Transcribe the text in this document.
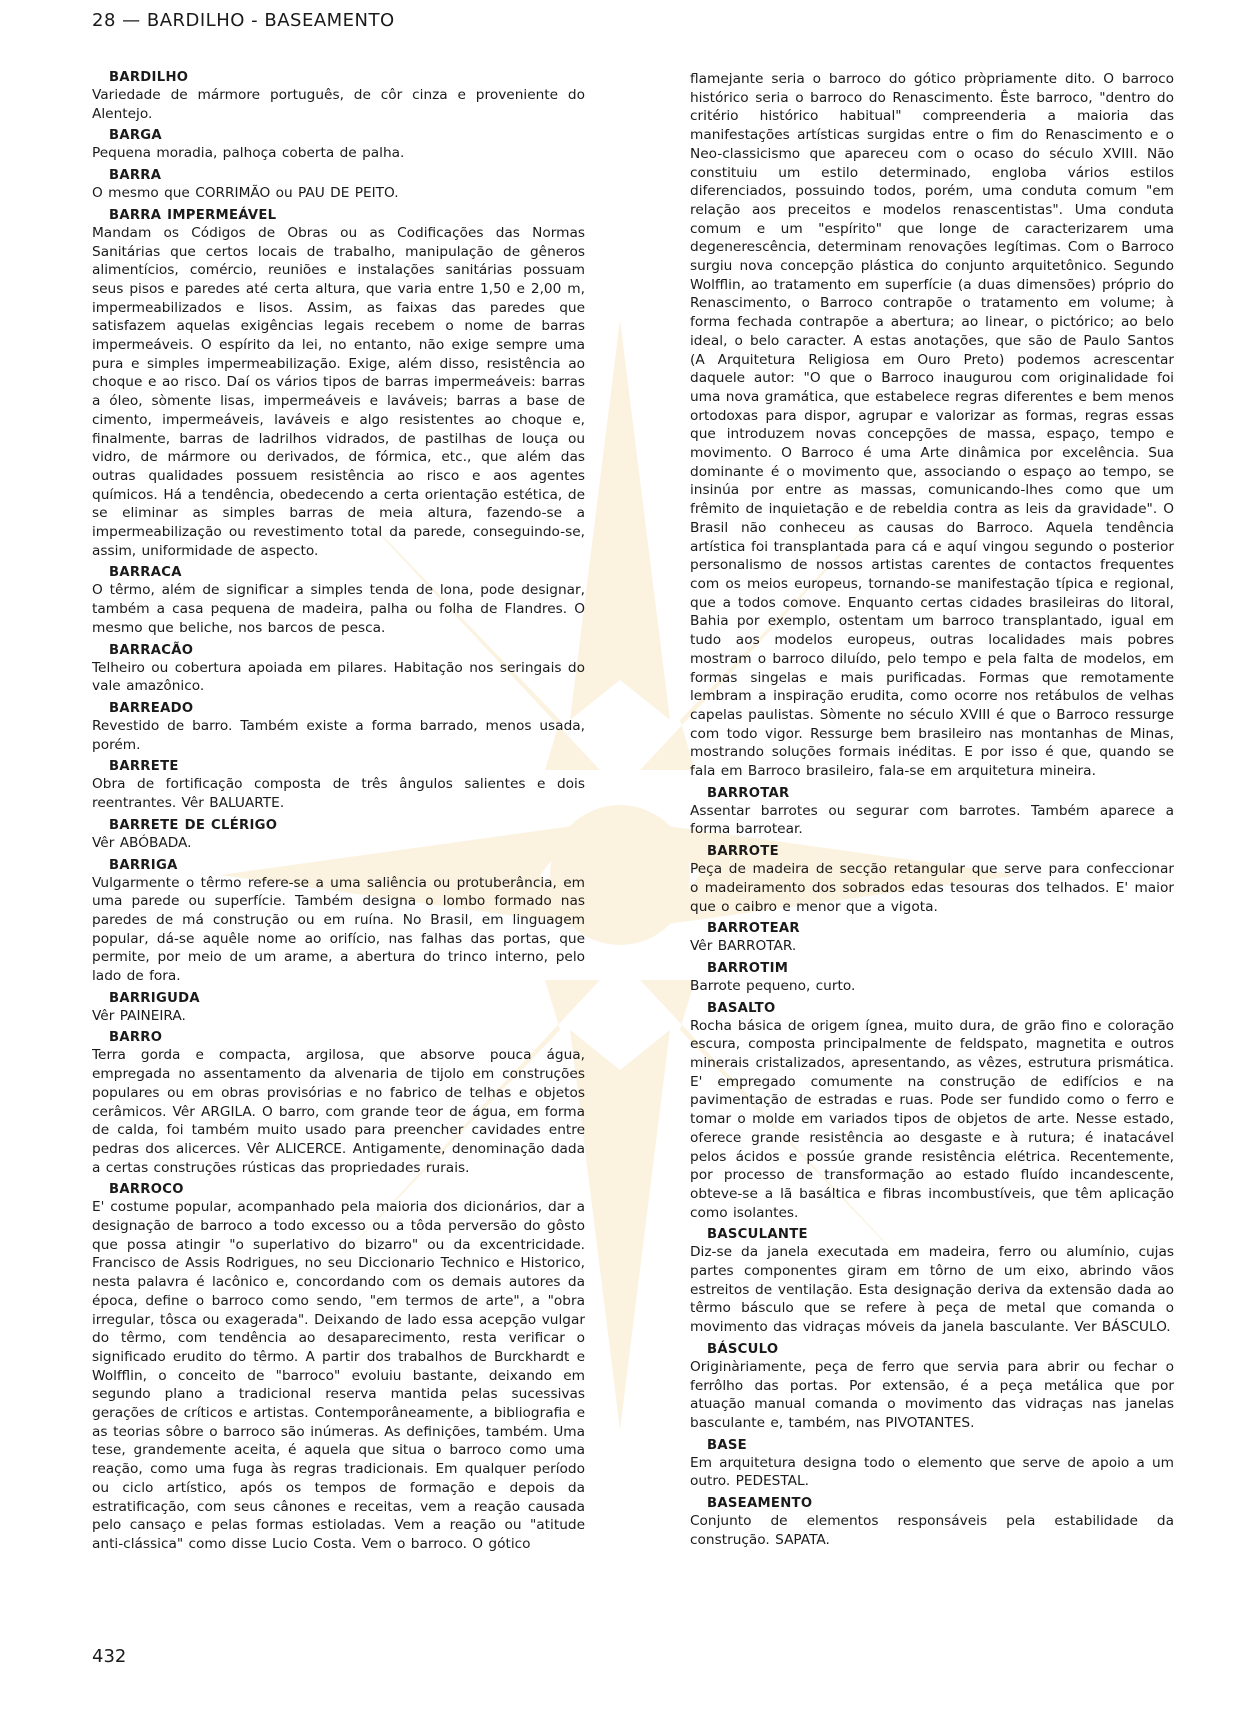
28 — BARDILHO - BASEAMENTO
BARDILHO

Variedade de mármore português, de côr cinza e proveniente do Alentejo.

BARGA

Pequena moradia, palhoça coberta de palha.

BARRA

O mesmo que CORRIMÃO ou PAU DE PEITO.

BARRA IMPERMEÁVEL

Mandam os Códigos de Obras ou as Codificações das Normas Sanitárias que certos locais de trabalho, manipulação de gêneros alimentícios, comércio, reuniões e instalações sanitárias possuam seus pisos e paredes até certa altura, que varia entre 1,50 e 2,00 m, impermeabilizados e lisos. Assim, as faixas das paredes que satisfazem aquelas exigências legais recebem o nome de barras impermeáveis. O espírito da lei, no entanto, não exige sempre uma pura e simples impermeabilização. Exige, além disso, resistência ao choque e ao risco. Daí os vários tipos de barras impermeáveis: barras a óleo, sòmente lisas, impermeáveis e laváveis; barras a base de cimento, impermeáveis, laváveis e algo resistentes ao choque e, finalmente, barras de ladrilhos vidrados, de pastilhas de louça ou vidro, de mármore ou derivados, de fórmica, etc., que além das outras qualidades possuem resistência ao risco e aos agentes químicos. Há a tendência, obedecendo a certa orientação estética, de se eliminar as simples barras de meia altura, fazendo-se a impermeabilização ou revestimento total da parede, conseguindo-se, assim, uniformidade de aspecto.

BARRACA

O têrmo, além de significar a simples tenda de lona, pode designar, também a casa pequena de madeira, palha ou folha de Flandres. O mesmo que beliche, nos barcos de pesca.

BARRACÃO

Telheiro ou cobertura apoiada em pilares. Habitação nos seringais do vale amazônico.

BARREADO

Revestido de barro. Também existe a forma barrado, menos usada, porém.

BARRETE

Obra de fortificação composta de três ângulos salientes e dois reentrantes. Vêr BALUARTE.

BARRETE DE CLÉRIGO

Vêr ABÓBADA.

BARRIGA

Vulgarmente o têrmo refere-se a uma saliência ou protuberância, em uma parede ou superfície. Também designa o lombo formado nas paredes de má construção ou em ruína. No Brasil, em linguagem popular, dá-se aquêle nome ao orifício, nas falhas das portas, que permite, por meio de um arame, a abertura do trinco interno, pelo lado de fora.

BARRIGUDA

Vêr PAINEIRA.

BARRO

Terra gorda e compacta, argilosa, que absorve pouca água, empregada no assentamento da alvenaria de tijolo em construções populares ou em obras provisórias e no fabrico de telhas e objetos cerâmicos. Vêr ARGILA. O barro, com grande teor de água, em forma de calda, foi também muito usado para preencher cavidades entre pedras dos alicerces. Vêr ALICERCE. Antigamente, denominação dada a certas construções rústicas das propriedades rurais.

BARROCO

E' costume popular, acompanhado pela maioria dos dicionários, dar a designação de barroco a todo excesso ou a tôda perversão do gôsto que possa atingir "o superlativo do bizarro" ou da excentricidade. Francisco de Assis Rodrigues, no seu Diccionario Technico e Historico, nesta palavra é lacônico e, concordando com os demais autores da época, define o barroco como sendo, "em termos de arte", a "obra irregular, tôsca ou exagerada". Deixando de lado essa acepção vulgar do têrmo, com tendência ao desaparecimento, resta verificar o significado erudito do têrmo. A partir dos trabalhos de Burckhardt e Wolfflin, o conceito de "barroco" evoluiu bastante, deixando em segundo plano a tradicional reserva mantida pelas sucessivas gerações de críticos e artistas. Contemporâneamente, a bibliografia e as teorias sôbre o barroco são inúmeras. As definições, também. Uma tese, grandemente aceita, é aquela que situa o barroco como uma reação, como uma fuga às regras tradicionais. Em qualquer período ou ciclo artístico, após os tempos de formação e depois da estratificação, com seus cânones e receitas, vem a reação causada pelo cansaço e pelas formas estioladas. Vem a reação ou "atitude anti-clássica" como disse Lucio Costa. Vem o barroco. O gótico

flamejante seria o barroco do gótico pròpriamente dito. O barroco histórico seria o barroco do Renascimento. Êste barroco, "dentro do critério histórico habitual" compreenderia a maioria das manifestações artísticas surgidas entre o fim do Renascimento e o Neo-classicismo que apareceu com o ocaso do século XVIII. Não constituiu um estilo determinado, engloba vários estilos diferenciados, possuindo todos, porém, uma conduta comum "em relação aos preceitos e modelos renascentistas". Uma conduta comum e um "espírito" que longe de caracterizarem uma degenerescência, determinam renovações legítimas. Com o Barroco surgiu nova concepção plástica do conjunto arquitetônico. Segundo Wolfflin, ao tratamento em superfície (a duas dimensões) próprio do Renascimento, o Barroco contrapõe o tratamento em volume; à forma fechada contrapõe a abertura; ao linear, o pictórico; ao belo ideal, o belo caracter. A estas anotações, que são de Paulo Santos (A Arquitetura Religiosa em Ouro Preto) podemos acrescentar daquele autor: "O que o Barroco inaugurou com originalidade foi uma nova gramática, que estabelece regras diferentes e bem menos ortodoxas para dispor, agrupar e valorizar as formas, regras essas que introduzem novas concepções de massa, espaço, tempo e movimento. O Barroco é uma Arte dinâmica por excelência. Sua dominante é o movimento que, associando o espaço ao tempo, se insinúa por entre as massas, comunicando-lhes como que um frêmito de inquietação e de rebeldia contra as leis da gravidade". O Brasil não conheceu as causas do Barroco. Aquela tendência artística foi transplantada para cá e aquí vingou segundo o posterior personalismo de nossos artistas carentes de contactos frequentes com os meios europeus, tornando-se manifestação típica e regional, que a todos comove. Enquanto certas cidades brasileiras do litoral, Bahia por exemplo, ostentam um barroco transplantado, igual em tudo aos modelos europeus, outras localidades mais pobres mostram o barroco diluído, pelo tempo e pela falta de modelos, em formas singelas e mais purificadas. Formas que remotamente lembram a inspiração erudita, como ocorre nos retábulos de velhas capelas paulistas. Sòmente no século XVIII é que o Barroco ressurge com todo vigor. Ressurge bem brasileiro nas montanhas de Minas, mostrando soluções formais inéditas. E por isso é que, quando se fala em Barroco brasileiro, fala-se em arquitetura mineira.

BARROTAR

Assentar barrotes ou segurar com barrotes. Também aparece a forma barrotear.

BARROTE

Peça de madeira de secção retangular que serve para confeccionar o madeiramento dos sobrados edas tesouras dos telhados. E' maior que o caibro e menor que a vigota.

BARROTEAR

Vêr BARROTAR.

BARROTIM

Barrote pequeno, curto.

BASALTO

Rocha básica de origem ígnea, muito dura, de grão fino e coloração escura, composta principalmente de feldspato, magnetita e outros minerais cristalizados, apresentando, as vêzes, estrutura prismática. E' empregado comumente na construção de edifícios e na pavimentação de estradas e ruas. Pode ser fundido como o ferro e tomar o molde em variados tipos de objetos de arte. Nesse estado, oferece grande resistência ao desgaste e à rutura; é inatacável pelos ácidos e possúe grande resistência elétrica. Recentemente, por processo de transformação ao estado fluído incandescente, obteve-se a lã basáltica e fibras incombustíveis, que têm aplicação como isolantes.

BASCULANTE

Diz-se da janela executada em madeira, ferro ou alumínio, cujas partes componentes giram em tôrno de um eixo, abrindo vãos estreitos de ventilação. Esta designação deriva da extensão dada ao têrmo básculo que se refere à peça de metal que comanda o movimento das vidraças móveis da janela basculante. Ver BÁSCULO.

BÁSCULO

Originàriamente, peça de ferro que servia para abrir ou fechar o ferrôlho das portas. Por extensão, é a peça metálica que por atuação manual comanda o movimento das vidraças nas janelas basculante e, também, nas PIVOTANTES.

BASE

Em arquitetura designa todo o elemento que serve de apoio a um outro. PEDESTAL.

BASEAMENTO

Conjunto de elementos responsáveis pela estabilidade da construção. SAPATA.

432
